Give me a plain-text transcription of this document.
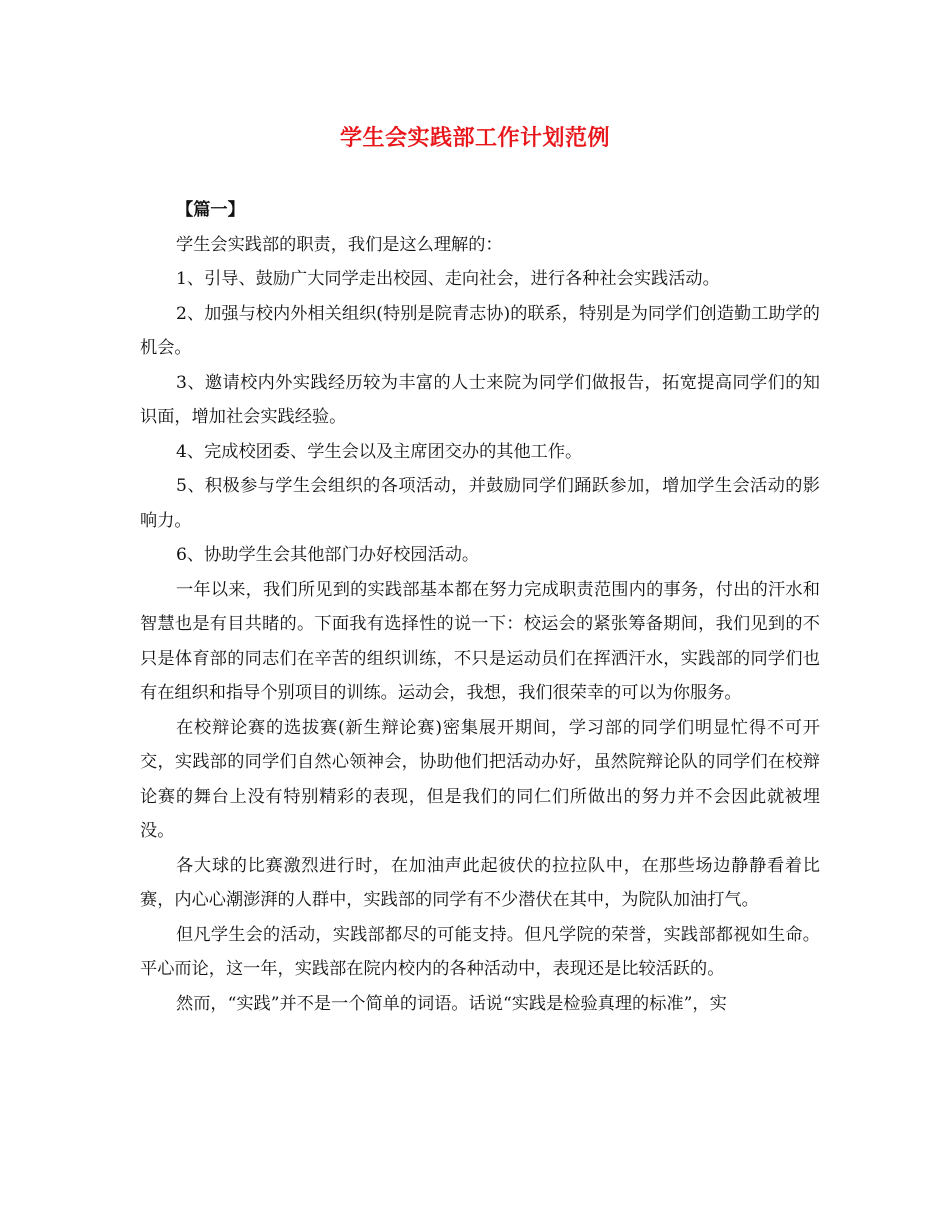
学生会实践部工作计划范例

【篇一】

学生会实践部的职责，我们是这么理解的：

1、引导、鼓励广大同学走出校园、走向社会，进行各种社会实践活动。

2、加强与校内外相关组织(特别是院青志协)的联系，特别是为同学们创造勤工助学的机会。

3、邀请校内外实践经历较为丰富的人士来院为同学们做报告，拓宽提高同学们的知识面，增加社会实践经验。

4、完成校团委、学生会以及主席团交办的其他工作。

5、积极参与学生会组织的各项活动，并鼓励同学们踊跃参加，增加学生会活动的影响力。

6、协助学生会其他部门办好校园活动。

一年以来，我们所见到的实践部基本都在努力完成职责范围内的事务，付出的汗水和智慧也是有目共睹的。下面我有选择性的说一下：校运会的紧张筹备期间，我们见到的不只是体育部的同志们在辛苦的组织训练，不只是运动员们在挥洒汗水，实践部的同学们也有在组织和指导个别项目的训练。运动会，我想，我们很荣幸的可以为你服务。

在校辩论赛的选拔赛(新生辩论赛)密集展开期间，学习部的同学们明显忙得不可开交，实践部的同学们自然心领神会，协助他们把活动办好，虽然院辩论队的同学们在校辩论赛的舞台上没有特别精彩的表现，但是我们的同仁们所做出的努力并不会因此就被埋没。

各大球的比赛激烈进行时，在加油声此起彼伏的拉拉队中，在那些场边静静看着比赛，内心心潮澎湃的人群中，实践部的同学有不少潜伏在其中，为院队加油打气。

但凡学生会的活动，实践部都尽的可能支持。但凡学院的荣誉，实践部都视如生命。平心而论，这一年，实践部在院内校内的各种活动中，表现还是比较活跃的。

然而，“实践”并不是一个简单的词语。话说“实践是检验真理的标准”，实
